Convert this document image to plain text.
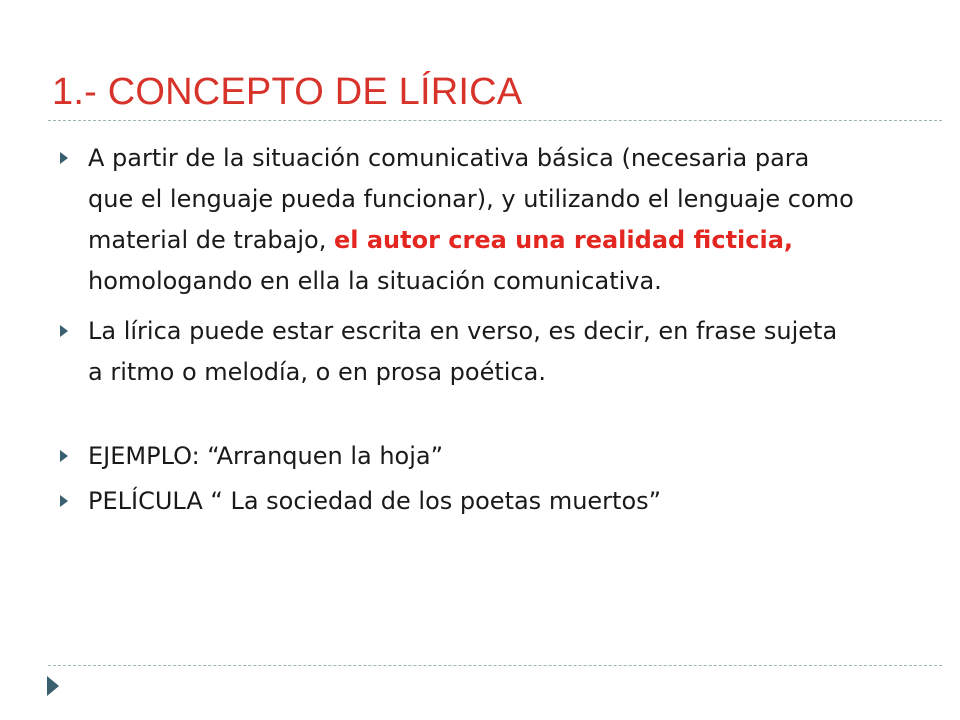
1.- CONCEPTO DE LÍRICA
A partir de la situación comunicativa básica (necesaria para que el lenguaje pueda funcionar), y utilizando el lenguaje como material de trabajo, el autor crea una realidad ficticia, homologando en ella la situación comunicativa.
La lírica puede estar escrita en verso, es decir, en frase sujeta a ritmo o melodía, o en prosa poética.
EJEMPLO: “Arranquen la hoja”
PELÍCULA “ La sociedad de los poetas muertos”
